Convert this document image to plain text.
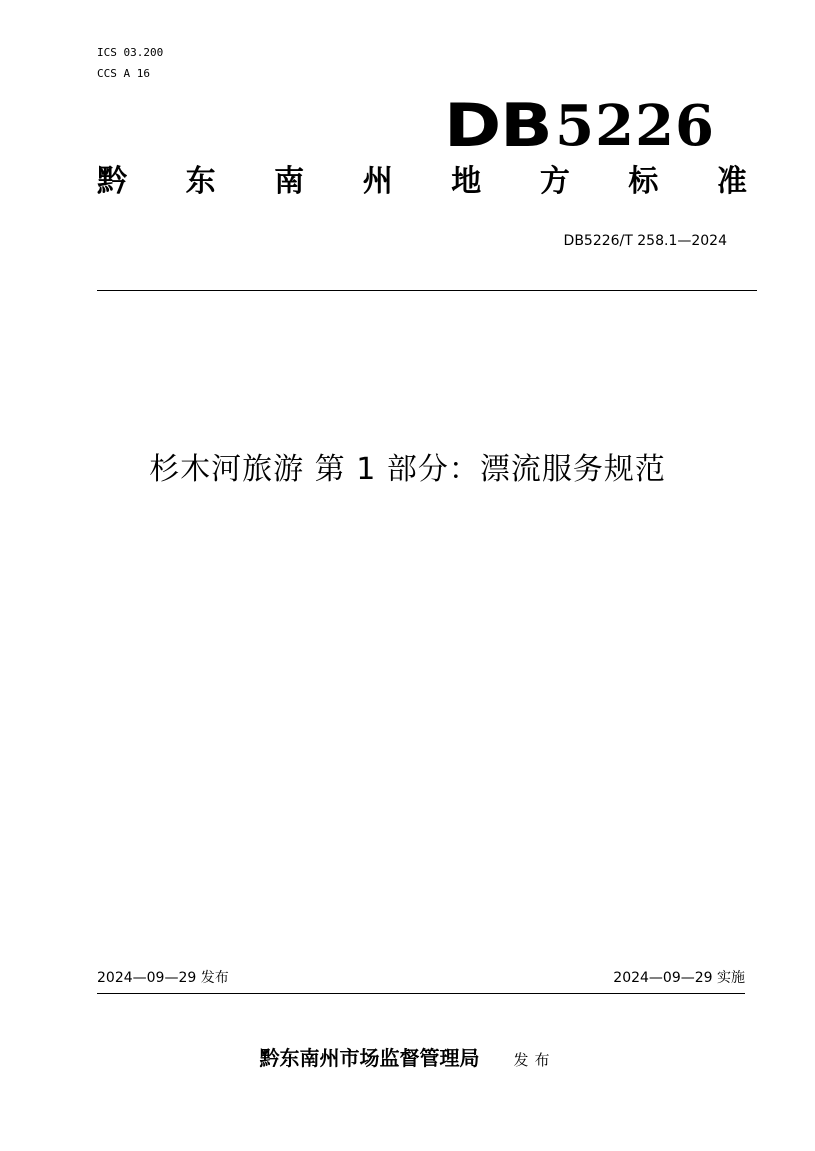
ICS 03.200
CCS A 16
DB 5226
黔 东 南 州 地 方 标 准
DB5226/T 258.1—2024
杉木河旅游 第 1 部分：漂流服务规范
2024—09—29 发布	2024—09—29 实施
黔东南州市场监督管理局 发布
